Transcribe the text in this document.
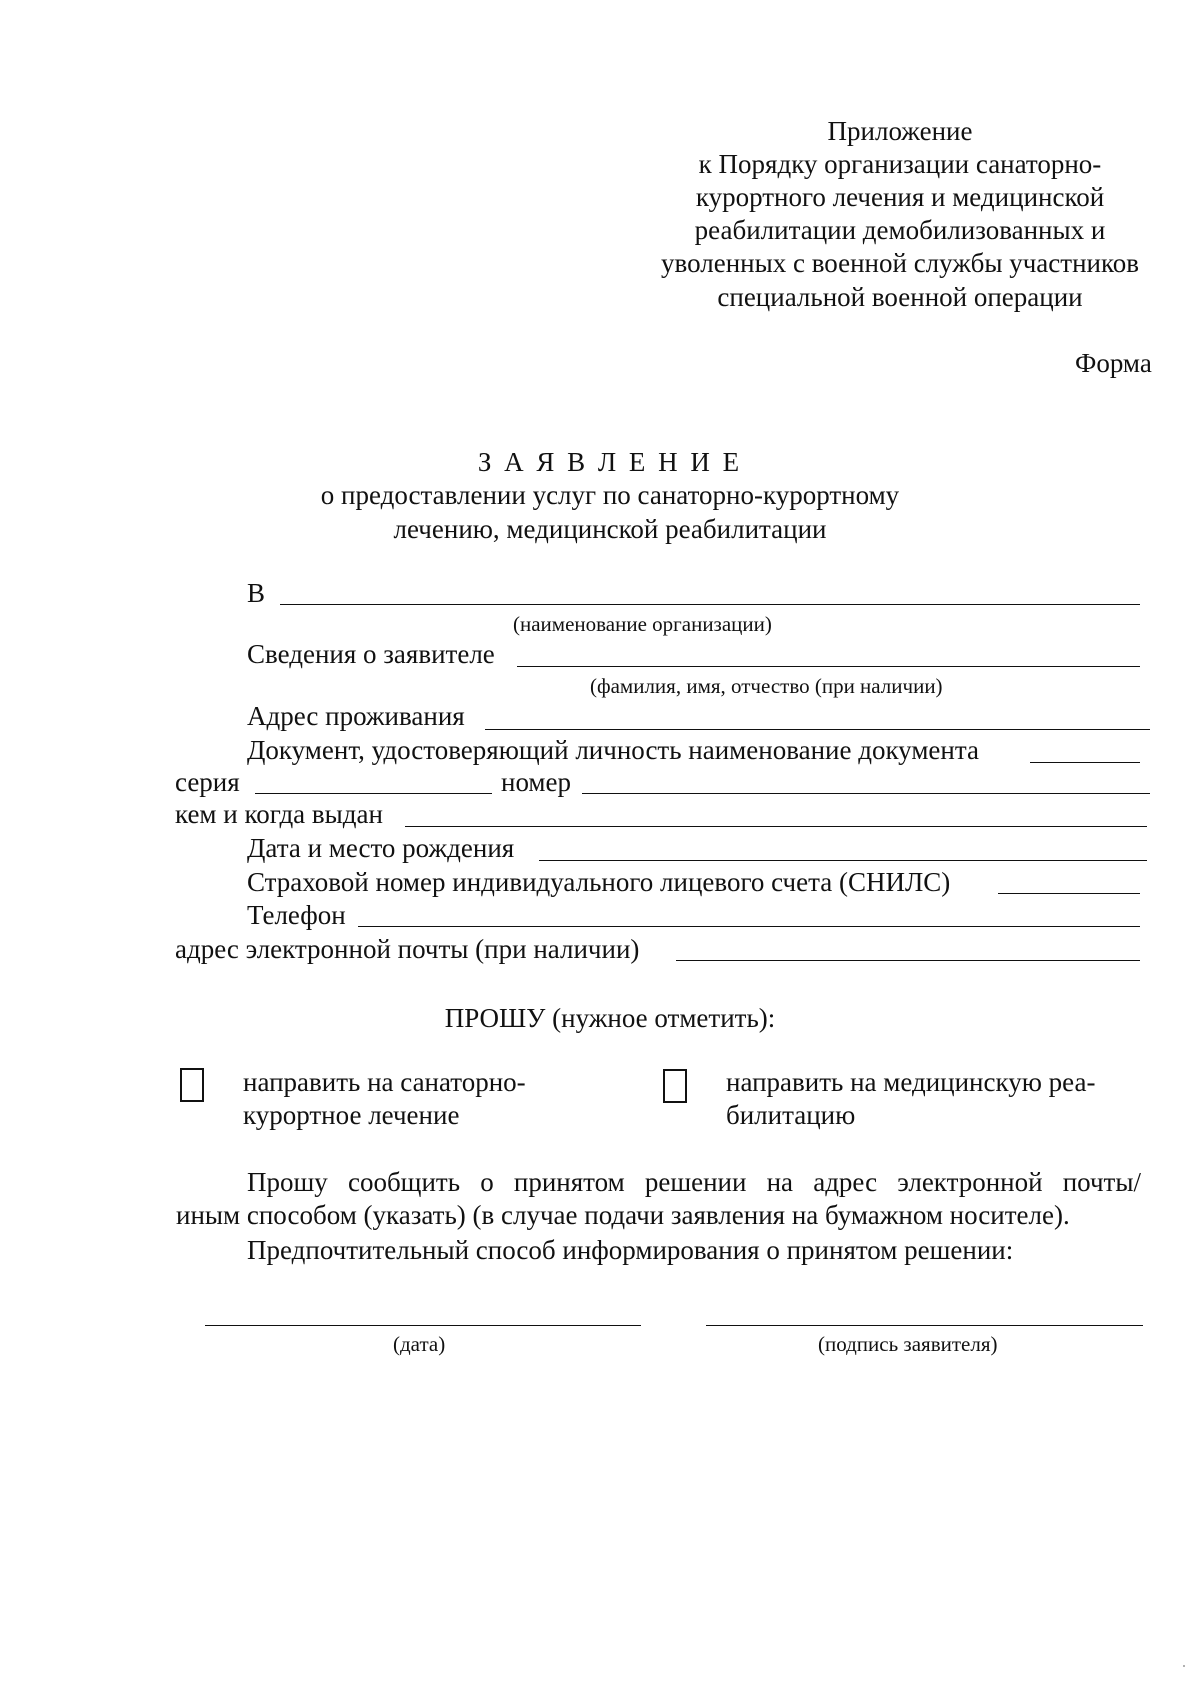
Приложение
к Порядку организации санаторно-
курортного лечения и медицинской
реабилитации демобилизованных и
уволенных с военной службы участников
специальной военной операции
Форма
З А Я В Л Е Н И Е
о предоставлении услуг по санаторно-курортному
лечению, медицинской реабилитации
В
(наименование организации)
Сведения о заявителе
(фамилия, имя, отчество (при наличии)
Адрес проживания
Документ, удостоверяющий личность наименование документа
серия	номер
кем и когда выдан
Дата и место рождения
Страховой номер индивидуального лицевого счета (СНИЛС)
Телефон
адрес электронной почты (при наличии)
ПРОШУ (нужное отметить):
направить на санаторно-
курортное лечение
направить на медицинскую реа-
билитацию
Прошу сообщить о принятом решении на адрес электронной почты/
иным способом (указать) (в случае подачи заявления на бумажном носителе).
Предпочтительный способ информирования о принятом решении:
(дата)	(подпись заявителя)
